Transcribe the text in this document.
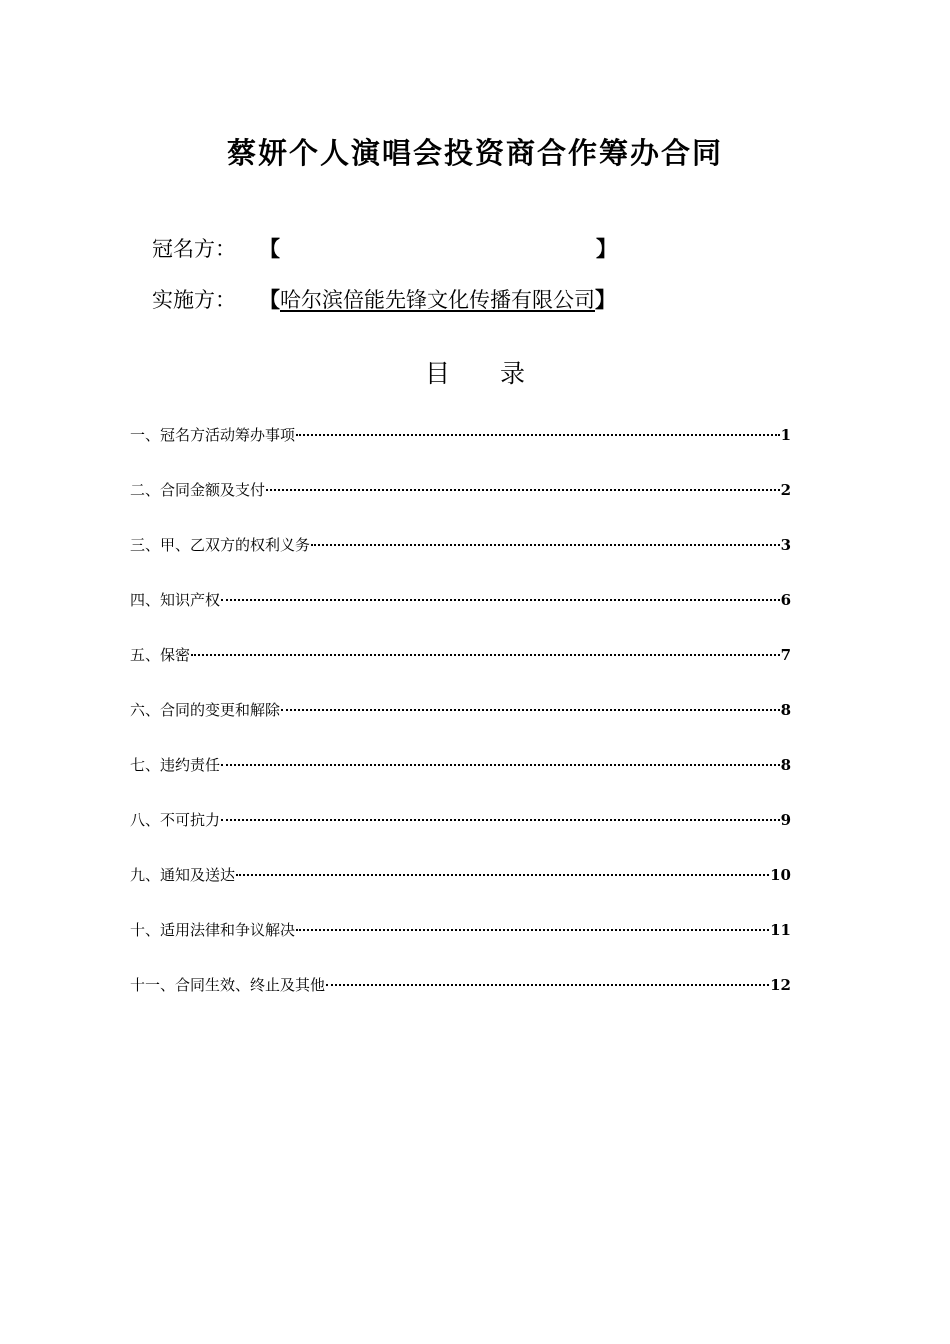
蔡妍个人演唱会投资商合作筹办合同
冠名方： 【	】
实施方： 【哈尔滨倍能先锋文化传播有限公司】
目 录
一、冠名方活动筹办事项	1
二、合同金额及支付	2
三、甲、乙双方的权利义务	3
四、知识产权	6
五、保密	7
六、合同的变更和解除	8
七、违约责任	8
八、不可抗力	9
九、通知及送达	10
十、适用法律和争议解决	11
十一、合同生效、终止及其他	12
